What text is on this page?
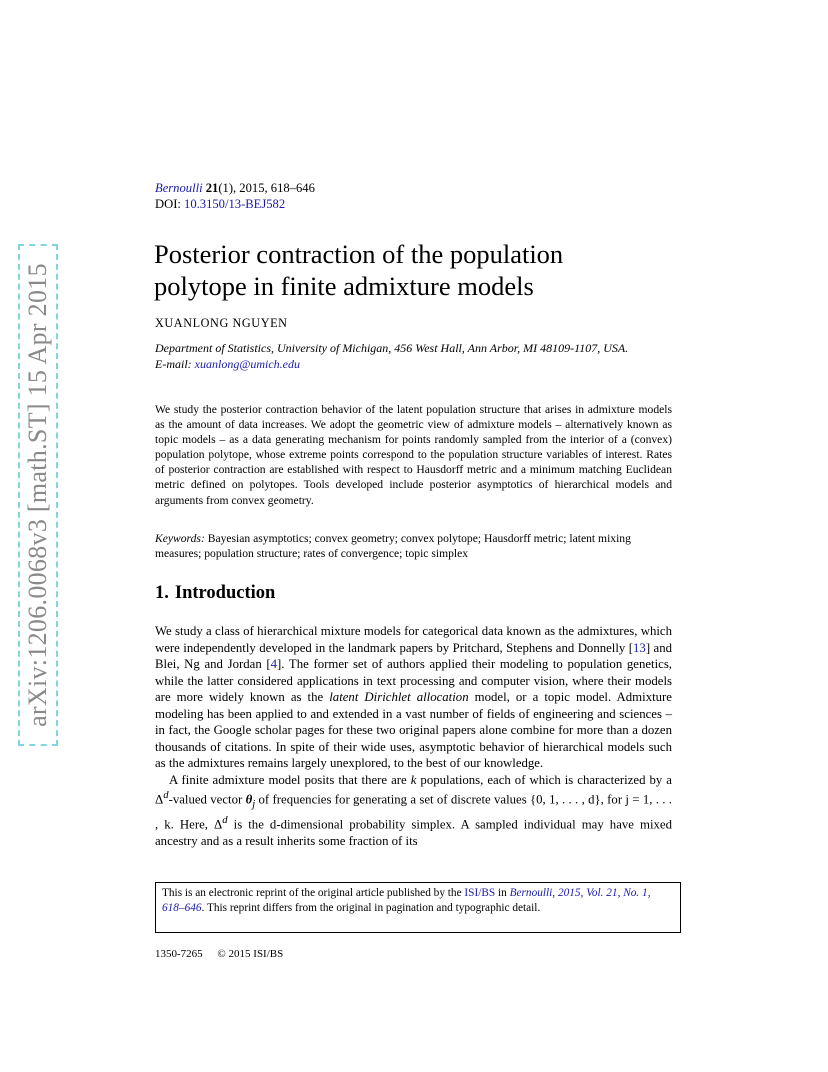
arXiv:1206.0068v3 [math.ST] 15 Apr 2015
Bernoulli 21(1), 2015, 618–646
DOI: 10.3150/13-BEJ582
Posterior contraction of the population
polytope in finite admixture models
XUANLONG NGUYEN
Department of Statistics, University of Michigan, 456 West Hall, Ann Arbor, MI 48109-1107, USA.
E-mail: xuanlong@umich.edu

We study the posterior contraction behavior of the latent population structure that arises in admixture models as the amount of data increases. We adopt the geometric view of admixture models – alternatively known as topic models – as a data generating mechanism for points randomly sampled from the interior of a (convex) population polytope, whose extreme points correspond to the population structure variables of interest. Rates of posterior contraction are established with respect to Hausdorff metric and a minimum matching Euclidean metric defined on polytopes. Tools developed include posterior asymptotics of hierarchical models and arguments from convex geometry.

Keywords: Bayesian asymptotics; convex geometry; convex polytope; Hausdorff metric; latent mixing measures; population structure; rates of convergence; topic simplex

1. Introduction

We study a class of hierarchical mixture models for categorical data known as the admixtures, which were independently developed in the landmark papers by Pritchard, Stephens and Donnelly [13] and Blei, Ng and Jordan [4]. The former set of authors applied their modeling to population genetics, while the latter considered applications in text processing and computer vision, where their models are more widely known as the latent Dirichlet allocation model, or a topic model. Admixture modeling has been applied to and extended in a vast number of fields of engineering and sciences – in fact, the Google scholar pages for these two original papers alone combine for more than a dozen thousands of citations. In spite of their wide uses, asymptotic behavior of hierarchical models such as the admixtures remains largely unexplored, to the best of our knowledge.

A finite admixture model posits that there are k populations, each of which is characterized by a $\Delta^d$-valued vector $\theta_j$ of frequencies for generating a set of discrete values {0, 1, . . . , d}, for j = 1, . . . , k. Here, $\Delta^d$ is the d-dimensional probability simplex. A sampled individual may have mixed ancestry and as a result inherits some fraction of its

This is an electronic reprint of the original article published by the ISI/BS in Bernoulli, 2015, Vol. 21, No. 1, 618–646. This reprint differs from the original in pagination and typographic detail.
1350-7265 © 2015 ISI/BS
